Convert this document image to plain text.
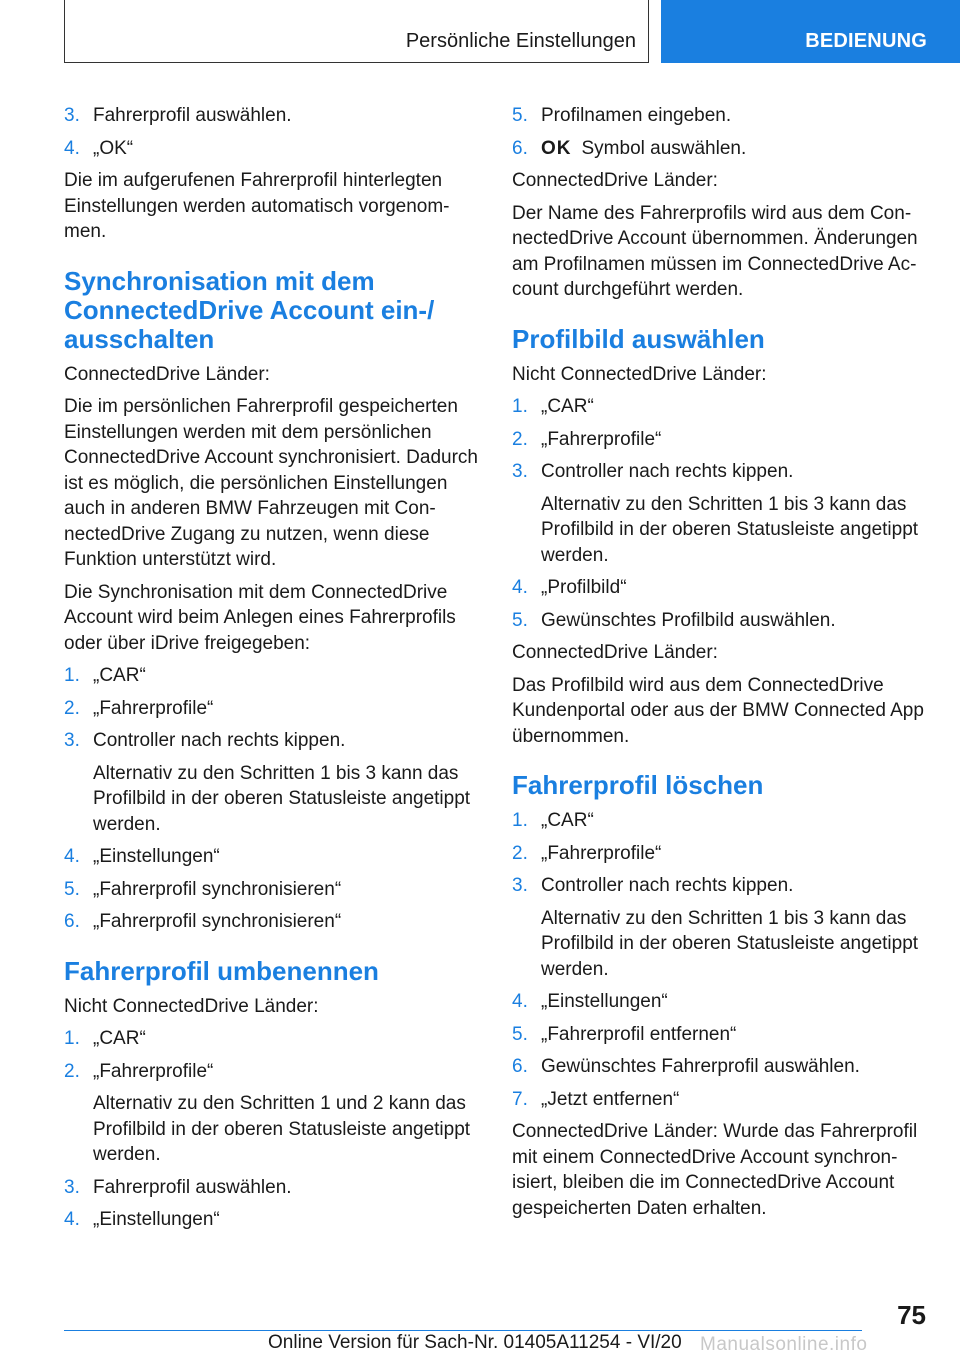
Persönliche Einstellungen	BEDIENUNG
3. Fahrerprofil auswählen.
4. „OK“

Die im aufgerufenen Fahrerprofil hinterlegten Einstellungen werden automatisch vorgenommen.

Synchronisation mit dem ConnectedDrive Account ein-/ ausschalten

ConnectedDrive Länder:

Die im persönlichen Fahrerprofil gespeicherten Einstellungen werden mit dem persönlichen ConnectedDrive Account synchronisiert. Dadurch ist es möglich, die persönlichen Einstellungen auch in anderen BMW Fahrzeugen mit ConnectedDrive Zugang zu nutzen, wenn diese Funktion unterstützt wird.

Die Synchronisation mit dem ConnectedDrive Account wird beim Anlegen eines Fahrerprofils oder über iDrive freigegeben:

1. „CAR“
2. „Fahrerprofile“
3. Controller nach rechts kippen.
Alternativ zu den Schritten 1 bis 3 kann das Profilbild in der oberen Statusleiste angetippt werden.
4. „Einstellungen“
5. „Fahrerprofil synchronisieren“
6. „Fahrerprofil synchronisieren“
Fahrerprofil umbenennen

Nicht ConnectedDrive Länder:

1. „CAR“
2. „Fahrerprofile“
Alternativ zu den Schritten 1 und 2 kann das Profilbild in der oberen Statusleiste angetippt werden.
3. Fahrerprofil auswählen.
4. „Einstellungen“
5. Profilnamen eingeben.
6. OK Symbol auswählen.

ConnectedDrive Länder:

Der Name des Fahrerprofils wird aus dem ConnectedDrive Account übernommen. Änderungen am Profilnamen müssen im ConnectedDrive Account durchgeführt werden.

Profilbild auswählen

Nicht ConnectedDrive Länder:

1. „CAR“
2. „Fahrerprofile“
3. Controller nach rechts kippen.
Alternativ zu den Schritten 1 bis 3 kann das Profilbild in der oberen Statusleiste angetippt werden.
4. „Profilbild“
5. Gewünschtes Profilbild auswählen.

ConnectedDrive Länder:

Das Profilbild wird aus dem ConnectedDrive Kundenportal oder aus der BMW Connected App übernommen.

Fahrerprofil löschen
1. „CAR“
2. „Fahrerprofile“
3. Controller nach rechts kippen.
Alternativ zu den Schritten 1 bis 3 kann das Profilbild in der oberen Statusleiste angetippt werden.
4. „Einstellungen“
5. „Fahrerprofil entfernen“
6. Gewünschtes Fahrerprofil auswählen.
7. „Jetzt entfernen“

ConnectedDrive Länder: Wurde das Fahrerprofil mit einem ConnectedDrive Account synchronisiert, bleiben die im ConnectedDrive Account gespeicherten Daten erhalten.

75
Online Version für Sach-Nr. 01405A11254 - VI/20 Manualsonline.info
